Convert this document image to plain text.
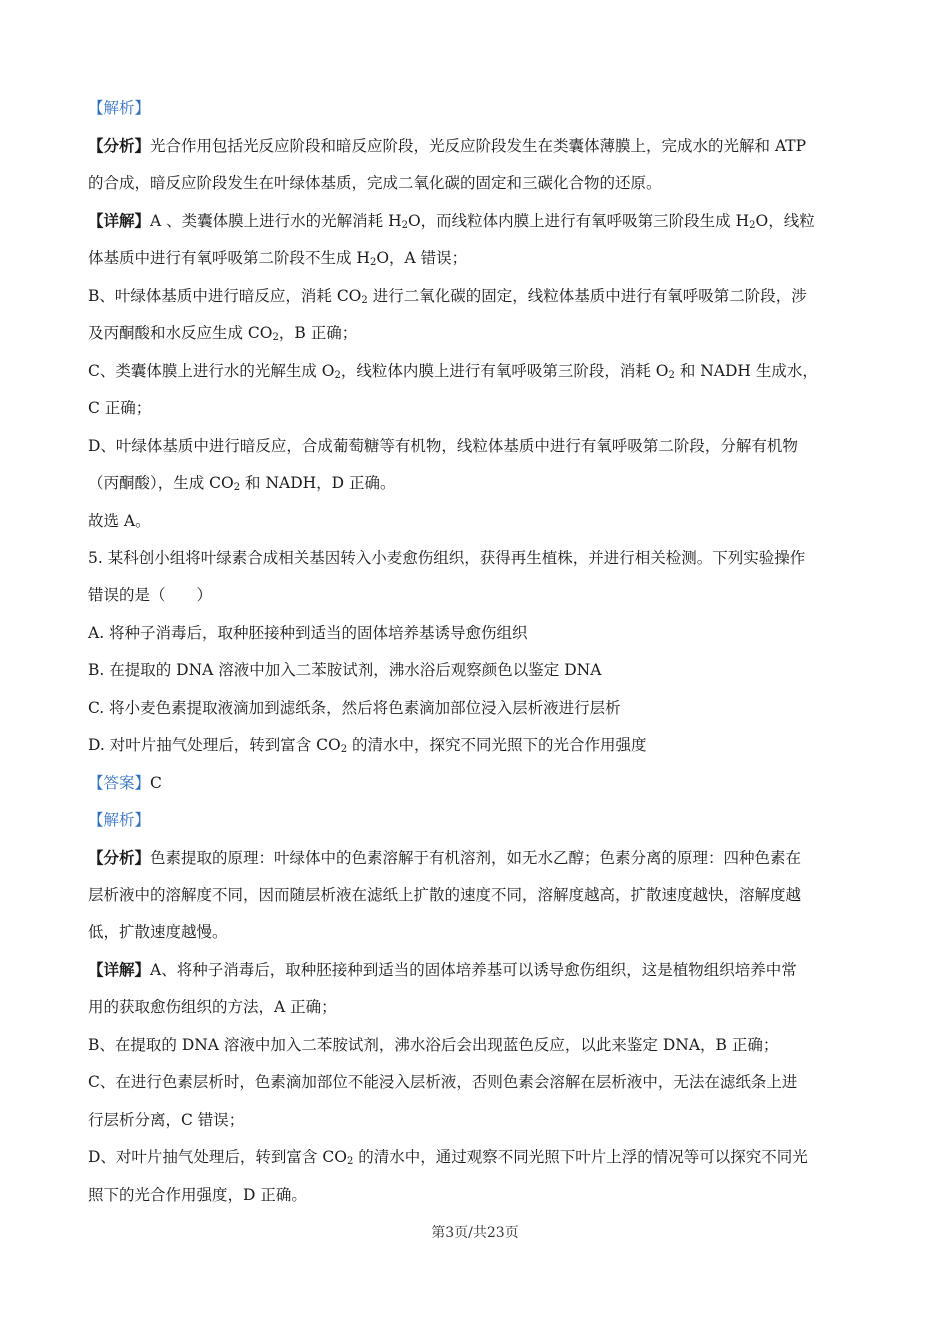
【解析】
【分析】光合作用包括光反应阶段和暗反应阶段，光反应阶段发生在类囊体薄膜上，完成水的光解和 ATP
的合成，暗反应阶段发生在叶绿体基质，完成二氧化碳的固定和三碳化合物的还原。
【详解】A 、类囊体膜上进行水的光解消耗 $H_2O$，而线粒体内膜上进行有氧呼吸第三阶段生成 $H_2O$，线粒
体基质中进行有氧呼吸第二阶段不生成 $H_2O$，A 错误；
B、叶绿体基质中进行暗反应，消耗 $CO_2$ 进行二氧化碳的固定，线粒体基质中进行有氧呼吸第二阶段，涉
及丙酮酸和水反应生成 $CO_2$，B 正确；
C、类囊体膜上进行水的光解生成 $O_2$，线粒体内膜上进行有氧呼吸第三阶段，消耗 $O_2$ 和 NADH 生成水，
C 正确；
D、叶绿体基质中进行暗反应，合成葡萄糖等有机物，线粒体基质中进行有氧呼吸第二阶段，分解有机物
（丙酮酸），生成 $CO_2$ 和 NADH，D 正确。
故选 A。
5. 某科创小组将叶绿素合成相关基因转入小麦愈伤组织，获得再生植株，并进行相关检测。下列实验操作
错误的是（　　）
A. 将种子消毒后，取种胚接种到适当的固体培养基诱导愈伤组织
B. 在提取的 DNA 溶液中加入二苯胺试剂，沸水浴后观察颜色以鉴定 DNA
C. 将小麦色素提取液滴加到滤纸条，然后将色素滴加部位浸入层析液进行层析
D. 对叶片抽气处理后，转到富含 $CO_2$ 的清水中，探究不同光照下的光合作用强度
【答案】C
【解析】
【分析】色素提取的原理：叶绿体中的色素溶解于有机溶剂，如无水乙醇；色素分离的原理：四种色素在
层析液中的溶解度不同，因而随层析液在滤纸上扩散的速度不同，溶解度越高，扩散速度越快，溶解度越
低，扩散速度越慢。
【详解】A、将种子消毒后，取种胚接种到适当的固体培养基可以诱导愈伤组织，这是植物组织培养中常
用的获取愈伤组织的方法，A 正确；
B、在提取的 DNA 溶液中加入二苯胺试剂，沸水浴后会出现蓝色反应，以此来鉴定 DNA，B 正确；
C、在进行色素层析时，色素滴加部位不能浸入层析液，否则色素会溶解在层析液中，无法在滤纸条上进
行层析分离，C 错误；
D、对叶片抽气处理后，转到富含 $CO_2$ 的清水中，通过观察不同光照下叶片上浮的情况等可以探究不同光
照下的光合作用强度，D 正确。
第3页/共23页
